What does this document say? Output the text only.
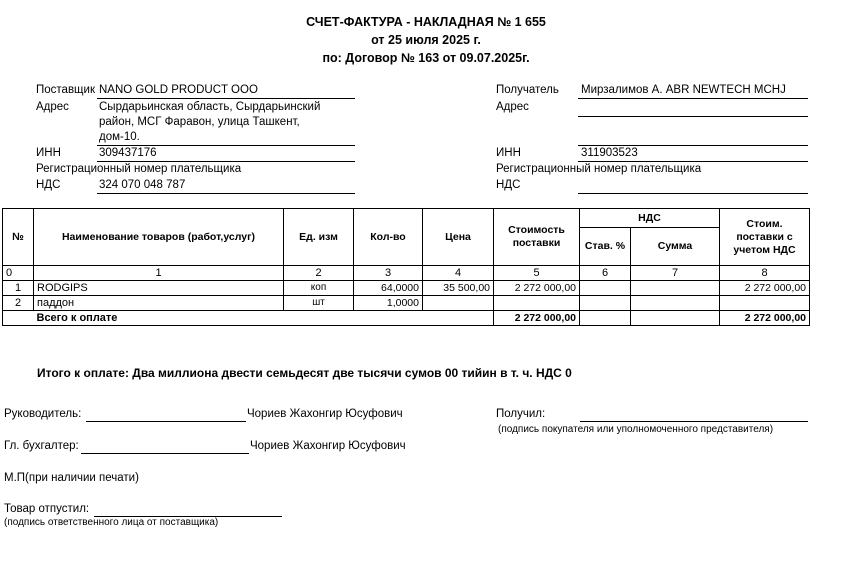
СЧЕТ-ФАКТУРА - НАКЛАДНАЯ № 1 655
от 25 июля 2025 г.
по: Договор № 163 от 09.07.2025г.
Поставщик NANO GOLD PRODUCT OOO
Адрес	Сырдарьинская область, Сырдарьинский
район, МСГ Фаравон, улица Ташкент,
дом-10.
ИНН	309437176
Регистрационный номер плательщика
НДС	324 070 048 787
Получатель Мирзалимов А. ABR NEWTECH MCHJ
Адрес
ИНН	311903523
Регистрационный номер плательщика
НДС
№	Наименование товаров (работ,услуг)	Ед. изм	Кол-во	Цена	Стоимость поставки	НДС		Стоим. поставки с учетом НДС
						Став. %	Сумма	
0	1	2	3	4	5	6	7	8
1	RODGIPS	коп	64,0000	35 500,00	2 272 000,00			2 272 000,00
2	паддон	шт	1,0000					
	Всего к оплате				2 272 000,00			2 272 000,00
Итого к оплате: Два миллиона двести семьдесят две тысячи сумов 00 тийин в т. ч. НДС 0
Руководитель:	Чориев Жахонгир Юсуфович
Гл. бухгалтер:	Чориев Жахонгир Юсуфович
М.П(при наличии печати)
Товар отпустил:
(подпись ответственного лица от поставщика)
Получил:
(подпись покупателя или уполномоченного представителя)
